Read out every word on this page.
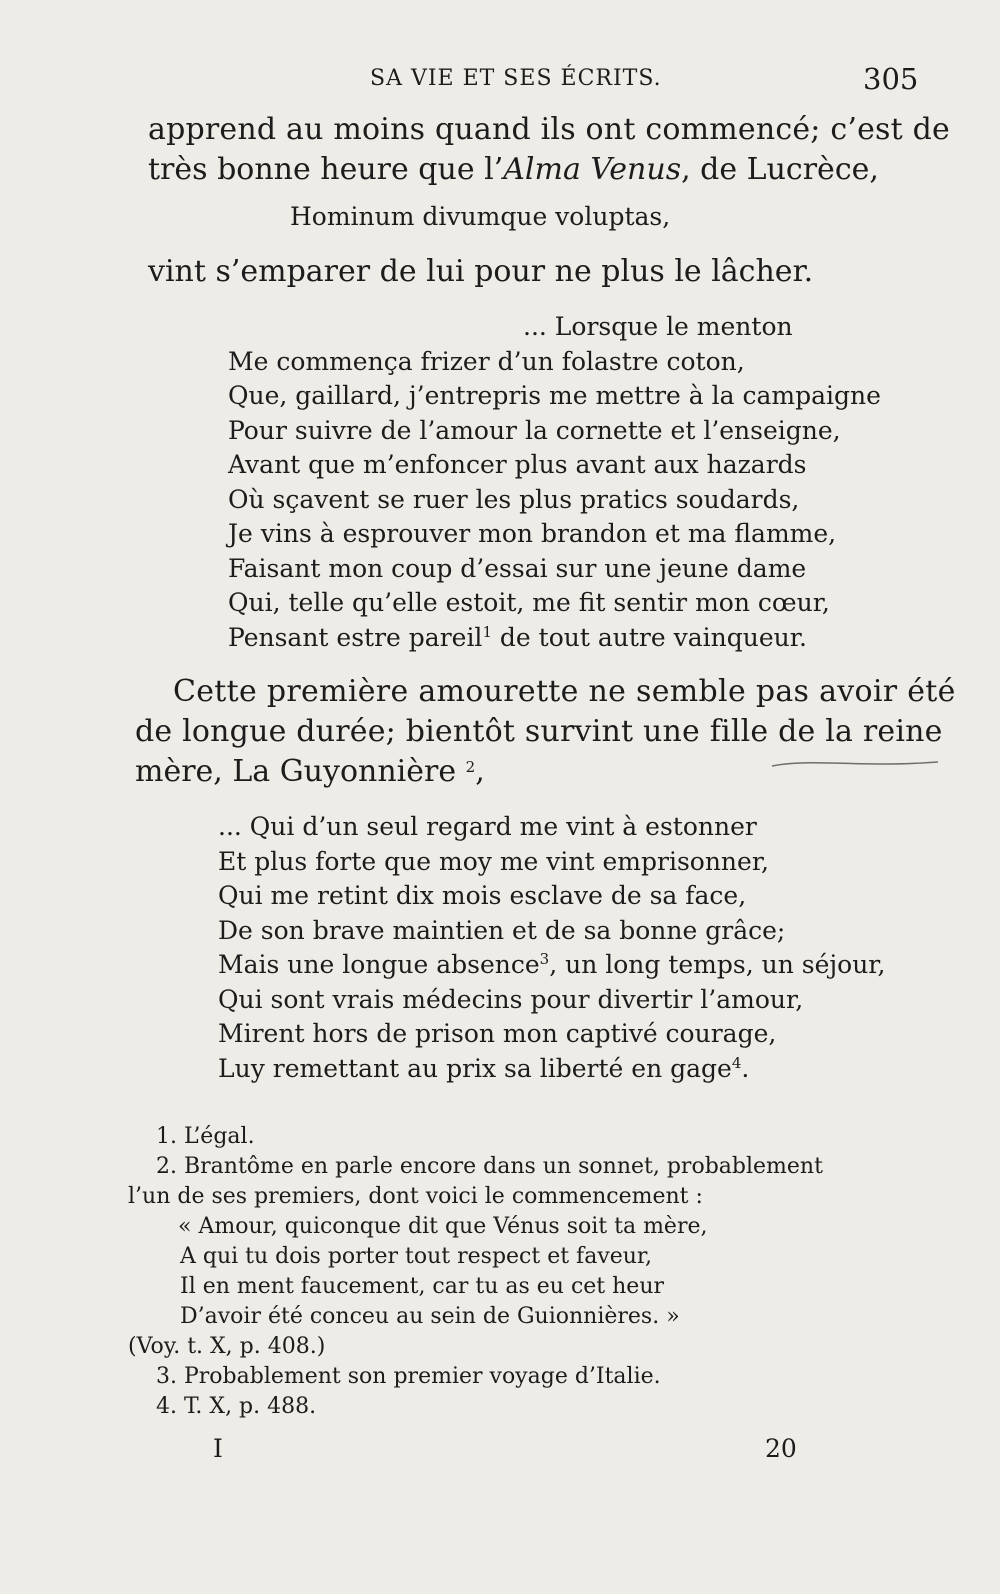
SA VIE ET SES ÉCRITS.	305

apprend au moins quand ils ont commencé; c’est de
très bonne heure que l’Alma Venus, de Lucrèce,

Hominum divumque voluptas,

vint s’emparer de lui pour ne plus le lâcher.

... Lorsque le menton
Me commença frizer d’un folastre coton,
Que, gaillard, j’entrepris me mettre à la campaigne
Pour suivre de l’amour la cornette et l’enseigne,
Avant que m’enfoncer plus avant aux hazards
Où sçavent se ruer les plus pratics soudards,
Je vins à esprouver mon brandon et ma flamme,
Faisant mon coup d’essai sur une jeune dame
Qui, telle qu’elle estoit, me fit sentir mon cœur,
Pensant estre pareil$^1$ de tout autre vainqueur.

Cette première amourette ne semble pas avoir été
de longue durée; bientôt survint une fille de la reine
mère, La Guyonnière $^2$,

... Qui d’un seul regard me vint à estonner
Et plus forte que moy me vint emprisonner,
Qui me retint dix mois esclave de sa face,
De son brave maintien et de sa bonne grâce;
Mais une longue absence$^3$, un long temps, un séjour,
Qui sont vrais médecins pour divertir l’amour,
Mirent hors de prison mon captivé courage,
Luy remettant au prix sa liberté en gage$^4$.

1. L’égal.
2. Brantôme en parle encore dans un sonnet, probablement
l’un de ses premiers, dont voici le commencement :
« Amour, quiconque dit que Vénus soit ta mère,
A qui tu dois porter tout respect et faveur,
Il en ment faucement, car tu as eu cet heur
D’avoir été conceu au sein de Guionnières. »
(Voy. t. X, p. 408.)
3. Probablement son premier voyage d’Italie.
4. T. X, p. 488.
I	20
